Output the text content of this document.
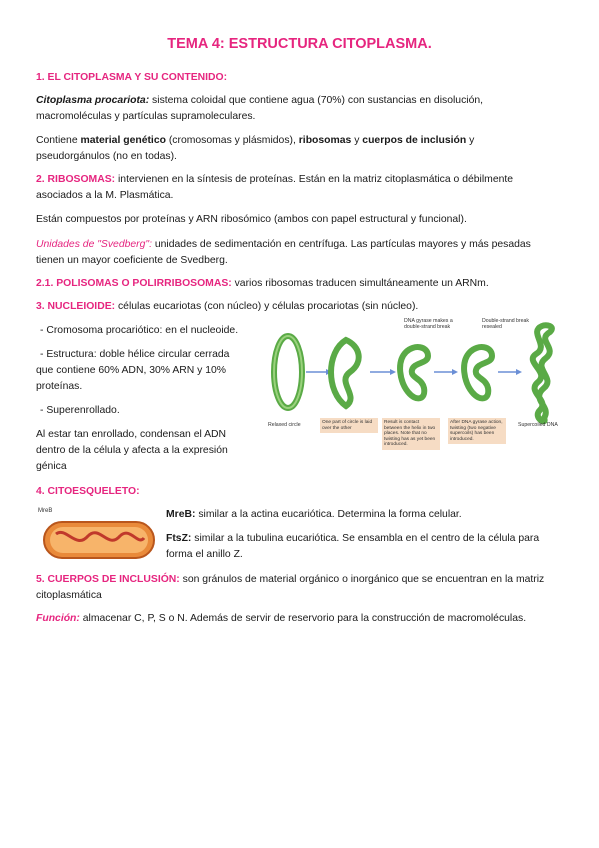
TEMA 4: ESTRUCTURA CITOPLASMA.

1. EL CITOPLASMA Y SU CONTENIDO:

Citoplasma procariota: sistema coloidal que contiene agua (70%) con sustancias en disolución,
macromoléculas y partículas supramoleculares.

Contiene material genético (cromosomas y plásmidos), ribosomas y cuerpos de inclusión y
pseudorgánulos (no en todas).

2. RIBOSOMAS: intervienen en la síntesis de proteínas. Están en la matriz citoplasmática o débilmente
asociados a la M. Plasmática.

Están compuestos por proteínas y ARN ribosómico (ambos con papel estructural y funcional).

Unidades de "Svedberg": unidades de sedimentación en centrífuga. Las partículas mayores y más pesadas
tienen un mayor coeficiente de Svedberg.

2.1. POLISOMAS O POLIRRIBOSOMAS: varios ribosomas traducen simultáneamente un ARNm.

3. NUCLEIOIDE: células eucariotas (con núcleo) y células procariotas (sin núcleo).

- Cromosoma procariótico: en el nucleoide.

- Estructura: doble hélice circular cerrada
que contiene 60% ADN, 30% ARN y 10%
proteínas.

- Superenrollado.

Al estar tan enrollado, condensan el ADN
dentro de la célula y afecta a la expresión
génica

4. CITOESQUELETO:

MreB: similar a la actina eucariótica. Determina la forma celular.

FtsZ: similar a la tubulina eucariótica. Se ensambla en el centro de la célula para
forma el anillo Z.

5. CUERPOS DE INCLUSIÓN: son gránulos de material orgánico o inorgánico que se encuentran en la matriz
citoplasmática

Función: almacenar C, P, S o N. Además de servir de reservorio para la construcción de macromoléculas.

DNA gyrase makes a double-strand break
Double-strand break resealed
Relaxed circle	One part of circle is laid over the other
Result is contact between the helix in two places. Note that no twisting has as yet been introduced.
After DNA gyrase action, twisting (two negative supercoils) has been introduced.
Supercoiled DNA
MreB
